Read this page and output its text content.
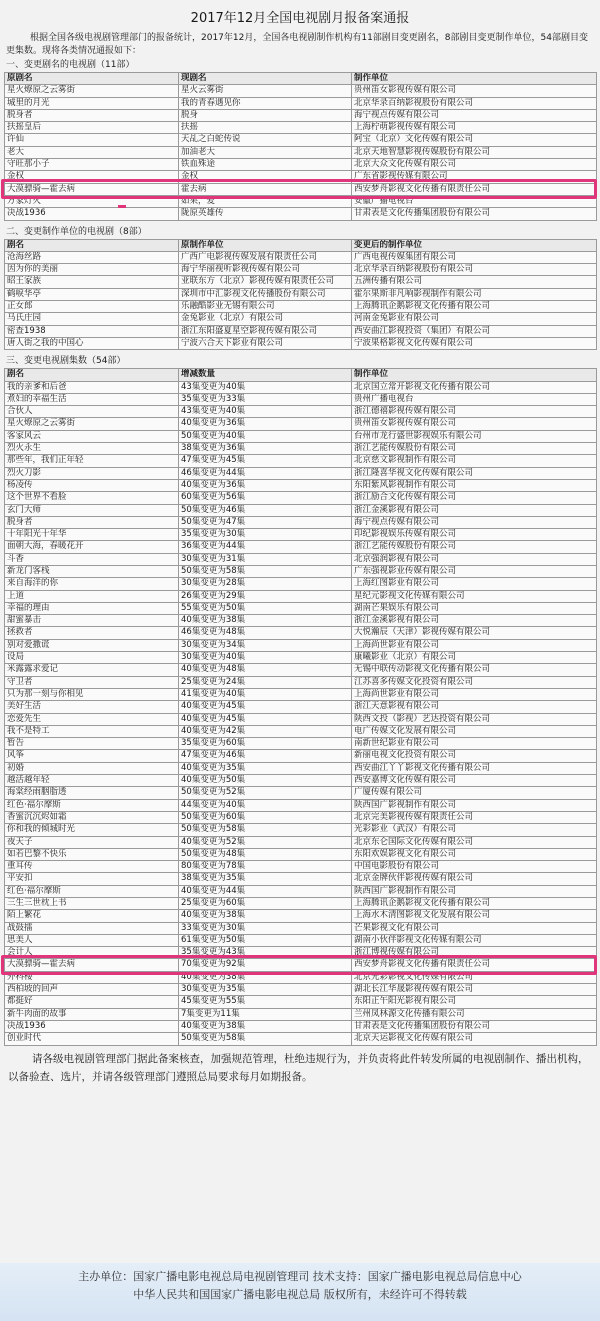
2017年12月全国电视剧月报备案通报
根据全国各级电视剧管理部门的报备统计，2017年12月，全国各电视剧制作机构有11部剧目变更剧名，8部剧目变更制作单位，54部剧目变更集数。现将各类情况通报如下：
一、变更剧名的电视剧（11部）
原剧名	现剧名	制作单位
星火燎原之云雾街	星火云雾街	贵州笛女影视传媒有限公司
城里的月光	我的青春遇见你	北京华录百纳影视股份有限公司
脱身者	脱身	海宁视点传媒有限公司
扶摇皇后	扶摇	上海柠萌影视传媒有限公司
许仙	天乩之白蛇传说	阿宝（北京）文化传媒有限公司
老大	加油老大	北京天地智慧影视传媒股份有限公司
守旺那小子	铁血殊途	北京大众文化传媒有限公司
金权	金权	广东省影视传媒有限公司
大漠骠骑—霍去病	霍去病	西安梦舟影视文化传播有限责任公司
万家灯火	如果，爱	安徽广播电视台
决战1936	陇原英雄传	甘肃表是文化传播集团股份有限公司
二、变更制作单位的电视剧（8部）
剧名	原制作单位	变更后的制作单位
沧海丝路	广西广电影视传媒发展有限责任公司	广西电视传媒集团有限公司
因为你的美丽	海宁华丽视听影视传媒有限公司	北京华录百纳影视股份有限公司
昭王家族	亚联东方（北京）影视传媒有限责任公司	五洲传播有限公司
鹤唳华亭	深圳市中汇影视文化传播股份有限公司	霍尔果斯非凡响影视制作有限公司
正女郎	乐融酷影业无锡有限公司	上海腾讯企鹅影视文化传播有限公司
马氏庄园	金兔影业（北京）有限公司	河南金兔影业有限公司
密查1938	浙江东阳盛夏星空影视传媒有限公司	西安曲江影视投资（集团）有限公司
唐人街之我的中国心	宁波六合天下影业有限公司	宁波果格影视文化传媒有限公司
三、变更电视剧集数（54部）
剧名	增减数量	制作单位
我的亲爹和后爸	43集变更为40集	北京国立常开影视文化传播有限公司
煮妇的幸福生活	35集变更为33集	贵州广播电视台
合伙人	43集变更为40集	浙江德禧影视传媒有限公司
星火燎原之云雾街	40集变更为36集	贵州笛女影视传媒有限公司
客家风云	50集变更为40集	台州市龙行盛世影视娱乐有限公司
烈火永生	38集变更为36集	浙江艺能传媒股份有限公司
那些年，我们正年轻	47集变更为45集	北京慈文影视制作有限公司
烈火刀影	46集变更为44集	浙江隆喜华视文化传媒有限公司
杨凌传	40集变更为36集	东阳紫风影视制作有限公司
这个世界不看脸	60集变更为56集	浙江励合文化传媒有限公司
玄门大师	50集变更为46集	浙江金溪影视有限公司
脱身者	50集变更为47集	海宁视点传媒有限公司
十年阳光十年华	35集变更为30集	印纪影视娱乐传媒有限公司
面朝大海，春暖花开	36集变更为44集	浙江艺能传媒股份有限公司
斗香	30集变更为31集	北京强润影视有限公司
新龙门客栈	50集变更为58集	广东强视影业传媒有限公司
来自海洋的你	30集变更为28集	上海红图影业有限公司
上道	26集变更为29集	星纪元影视文化传媒有限公司
幸福的理由	55集变更为50集	湖南芒果娱乐有限公司
甜蜜暴击	40集变更为38集	浙江金溪影视有限公司
拯救者	46集变更为48集	大悦瀚辰（天津）影视传媒有限公司
别对爱撒谎	30集变更为34集	上海尚世影业有限公司
设局	30集变更为40集	康曦影业（北京）有限公司
米露露求爱记	40集变更为48集	无锡中联传动影视文化传播有限公司
守卫者	25集变更为24集	江苏喜多传媒文化投资有限公司
只为那一刻与你相见	41集变更为40集	上海尚世影业有限公司
美好生活	40集变更为45集	浙江天意影视有限公司
恋爱先生	40集变更为45集	陕西文投（影视）艺达投资有限公司
我不是特工	40集变更为42集	电广传媒文化发展有限公司
暂告	35集变更为60集	南新世纪影业有限公司
风筝	47集变更为46集	新丽电视文化投资有限公司
初婚	40集变更为35集	西安曲江丫丫影视文化传播有限公司
越活越年轻	40集变更为50集	西安嘉博文化传媒有限公司
海棠经雨胭脂透	50集变更为52集	广厦传媒有限公司
红色·福尔摩斯	44集变更为40集	陕西国广影视制作有限公司
香蜜沉沉烬如霜	50集变更为60集	北京完美影视传媒有限责任公司
你和我的倾城时光	50集变更为58集	光彩影业（武汉）有限公司
夜天子	40集变更为52集	北京东仑国际文化传媒有限公司
如若巴黎不快乐	50集变更为48集	东阳欢娱影视文化有限公司
重耳传	80集变更为78集	中国电影股份有限公司
平安扣	38集变更为35集	北京金牌伙伴影视传媒有限公司
红色·福尔摩斯	40集变更为44集	陕西国广影视制作有限公司
三生三世枕上书	25集变更为60集	上海腾讯企鹅影视文化传播有限公司
陌上繁花	40集变更为38集	上海水木清图影视文化发展有限公司
战鼓擂	33集变更为30集	芒果影视文化有限公司
思美人	61集变更为50集	湖南小伙伴影视文化传媒有限公司
会计人	35集变更为43集	浙江博视传媒有限公司
大漠骠骑—霍去病	70集变更为92集	西安梦舟影视文化传播有限责任公司
外科楼	40集变更为38集	北京光彩影视文化传媒有限公司
西柏坡的回声	30集变更为35集	湖北长江华晟影视传媒有限公司
都挺好	45集变更为55集	东阳正午阳光影视有限公司
新牛肉面的故事	7集变更为11集	兰州凤林源文化传播有限公司
决战1936	40集变更为38集	甘肃表是文化传播集团股份有限公司
创业时代	50集变更为58集	北京天运影视文化传媒有限公司
请各级电视剧管理部门据此备案核查，加强规范管理，杜绝违规行为，并负责将此件转发所属的电视剧制作、播出机构，以备验查、选片，并请各级管理部门遵照总局要求每月如期报备。
主办单位：国家广播电影电视总局电视剧管理司 技术支持：国家广播电影电视总局信息中心
中华人民共和国国家广播电影电视总局 版权所有，未经许可不得转载
